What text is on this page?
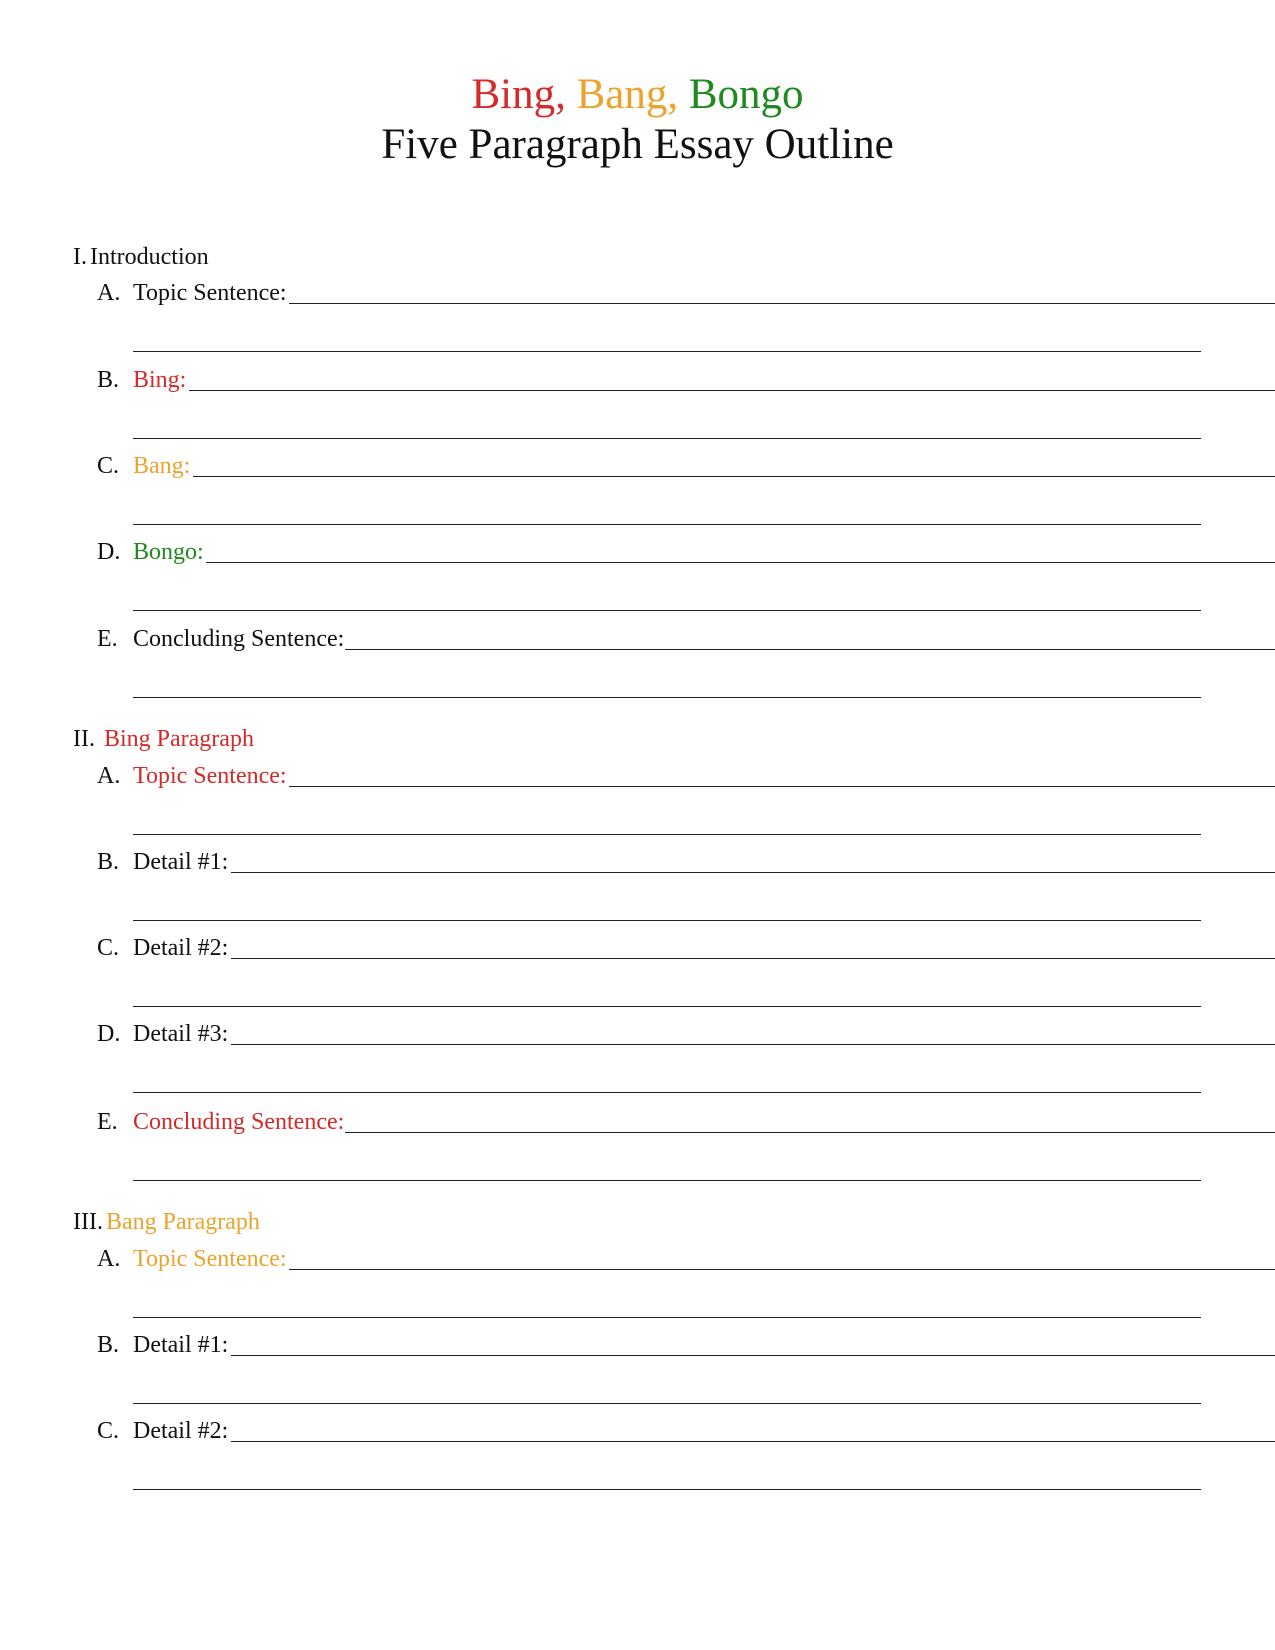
Bing, Bang, Bongo
Five Paragraph Essay Outline
I. Introduction
A. Topic Sentence:
B. Bing:
C. Bang:
D. Bongo:
E. Concluding Sentence:
II. Bing Paragraph
A. Topic Sentence:
B. Detail #1:
C. Detail #2:
D. Detail #3:
E. Concluding Sentence:
III. Bang Paragraph
A. Topic Sentence:
B. Detail #1:
C. Detail #2:
